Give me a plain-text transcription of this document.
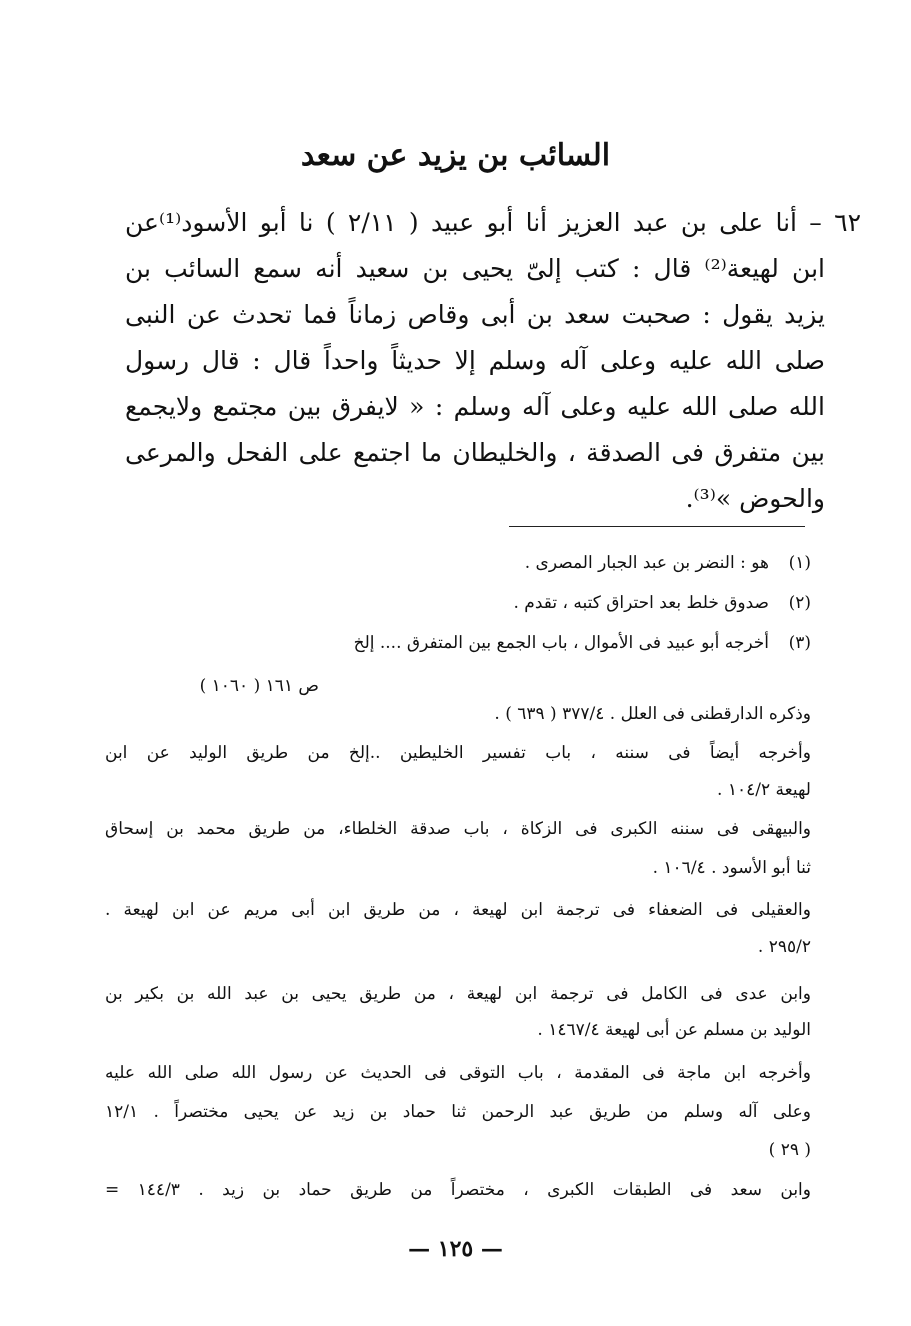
السائب بن يزيد عن سعد
٦٢ – أنا على بن عبد العزيز أنا أبو عبيد ( ٢/١١ ) نا أبو الأسود⁽¹⁾عن
ابن لهيعة⁽²⁾ قال : كتب إلىّ يحيى بن سعيد أنه سمع السائب بن
يزيد يقول : صحبت سعد بن أبى وقاص زماناً فما تحدث عن النبى
صلى الله عليه وعلى آله وسلم إلا حديثاً واحداً قال : قال رسول
الله صلى الله عليه وعلى آله وسلم : « لايفرق بين مجتمع ولايجمع
بين متفرق فى الصدقة ، والخليطان ما اجتمع على الفحل والمرعى
والحوض »⁽³⁾.
(١)هو : النضر بن عبد الجبار المصرى .
(٢)صدوق خلط بعد احتراق كتبه ، تقدم .
(٣)أخرجه أبو عبيد فى الأموال ، باب الجمع بين المتفرق .... إلخ
ص ١٦١ ( ١٠٦٠ )
وذكره الدارقطنى فى العلل . ٣٧٧/٤ ( ٦٣٩ ) .
وأخرجه أيضاً فى سننه ، باب تفسير الخليطين ..إلخ من طريق الوليد عن ابن
لهيعة ١٠٤/٢ .
والبيهقى فى سننه الكبرى فى الزكاة ، باب صدقة الخلطاء، من طريق محمد بن إسحاق
ثنا أبو الأسود . ١٠٦/٤ .
والعقيلى فى الضعفاء فى ترجمة ابن لهيعة ، من طريق ابن أبى مريم عن ابن لهيعة .
٢٩٥/٢ .
وابن عدى فى الكامل فى ترجمة ابن لهيعة ، من طريق يحيى بن عبد الله بن بكير بن
الوليد بن مسلم عن أبى لهيعة ١٤٦٧/٤ .
وأخرجه ابن ماجة فى المقدمة ، باب التوقى فى الحديث عن رسول الله صلى الله عليه
وعلى آله وسلم من طريق عبد الرحمن ثنا حماد بن زيد عن يحيى مختصراً . ١٢/١
( ٢٩ )
وابن سعد فى الطبقات الكبرى ، مختصراً من طريق حماد بن زيد . ١٤٤/٣ =
— ١٢٥ —
